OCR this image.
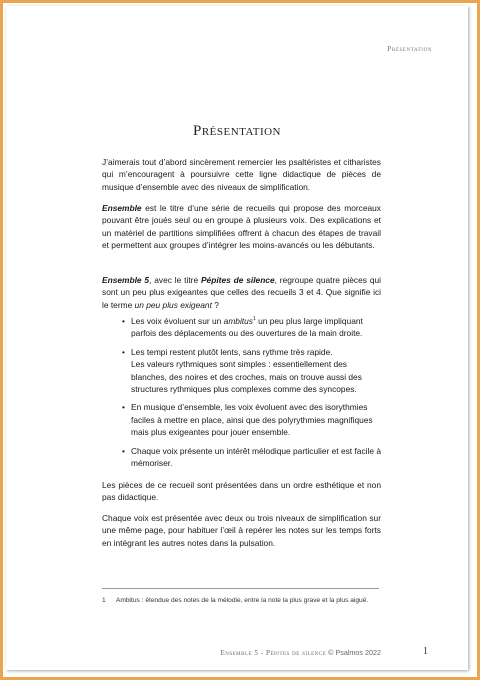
Présentation
Présentation

J’aimerais tout d’abord sincèrement remercier les psaltéristes et citharistes qui m’encouragent à poursuivre cette ligne didactique de pièces de musique d’ensemble avec des niveaux de simplification.

Ensemble est le titre d’une série de recueils qui propose des morceaux pouvant être joués seul ou en groupe à plusieurs voix. Des explications et un matériel de partitions simplifiées offrent à chacun des étapes de travail et permettent aux groupes d’intégrer les moins-avancés ou les débutants.

Ensemble 5, avec le titre Pépites de silence, regroupe quatre pièces qui sont un peu plus exigeantes que celles des recueils 3 et 4. Que signifie ici le terme un peu plus exigeant ?

• Les voix évoluent sur un ambitus$^1$ un peu plus large impliquant parfois des déplacements ou des ouvertures de la main droite.
• Les tempi restent plutôt lents, sans rythme très rapide.
Les valeurs rythmiques sont simples : essentiellement des blanches, des noires et des croches, mais on trouve aussi des structures rythmiques plus complexes comme des syncopes.
• En musique d’ensemble, les voix évoluent avec des isorythmies faciles à mettre en place, ainsi que des polyrythmies magnifiques mais plus exigeantes pour jouer ensemble.
• Chaque voix présente un intérêt mélodique particulier et est facile à mémoriser.

Les pièces de ce recueil sont présentées dans un ordre esthétique et non pas didactique.

Chaque voix est présentée avec deux ou trois niveaux de simplification sur une même page, pour habituer l’œil à repérer les notes sur les temps forts en intégrant les autres notes dans la pulsation.

1 Ambitus : étendue des notes de la mélodie, entre la note la plus grave et la plus aiguë.
Ensemble 5 - Pépites de silence © Psalmos 2022	1
